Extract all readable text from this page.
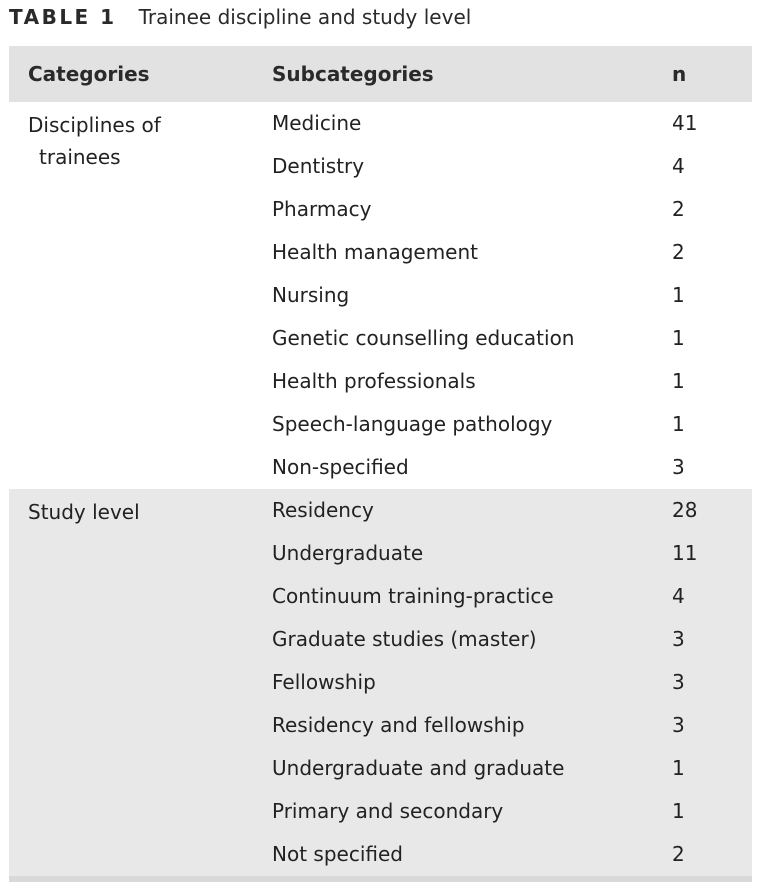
TABLE 1 Trainee discipline and study level
Categories	Subcategories	n
Disciplines of
trainees
Medicine	41
Dentistry	4
Pharmacy	2
Health management	2
Nursing	1
Genetic counselling education	1
Health professionals	1
Speech-language pathology	1
Non-specified	3
Study level	Residency	28
Undergraduate	11
Continuum training-practice	4
Graduate studies (master)	3
Fellowship	3
Residency and fellowship	3
Undergraduate and graduate	1
Primary and secondary	1
Not specified	2
